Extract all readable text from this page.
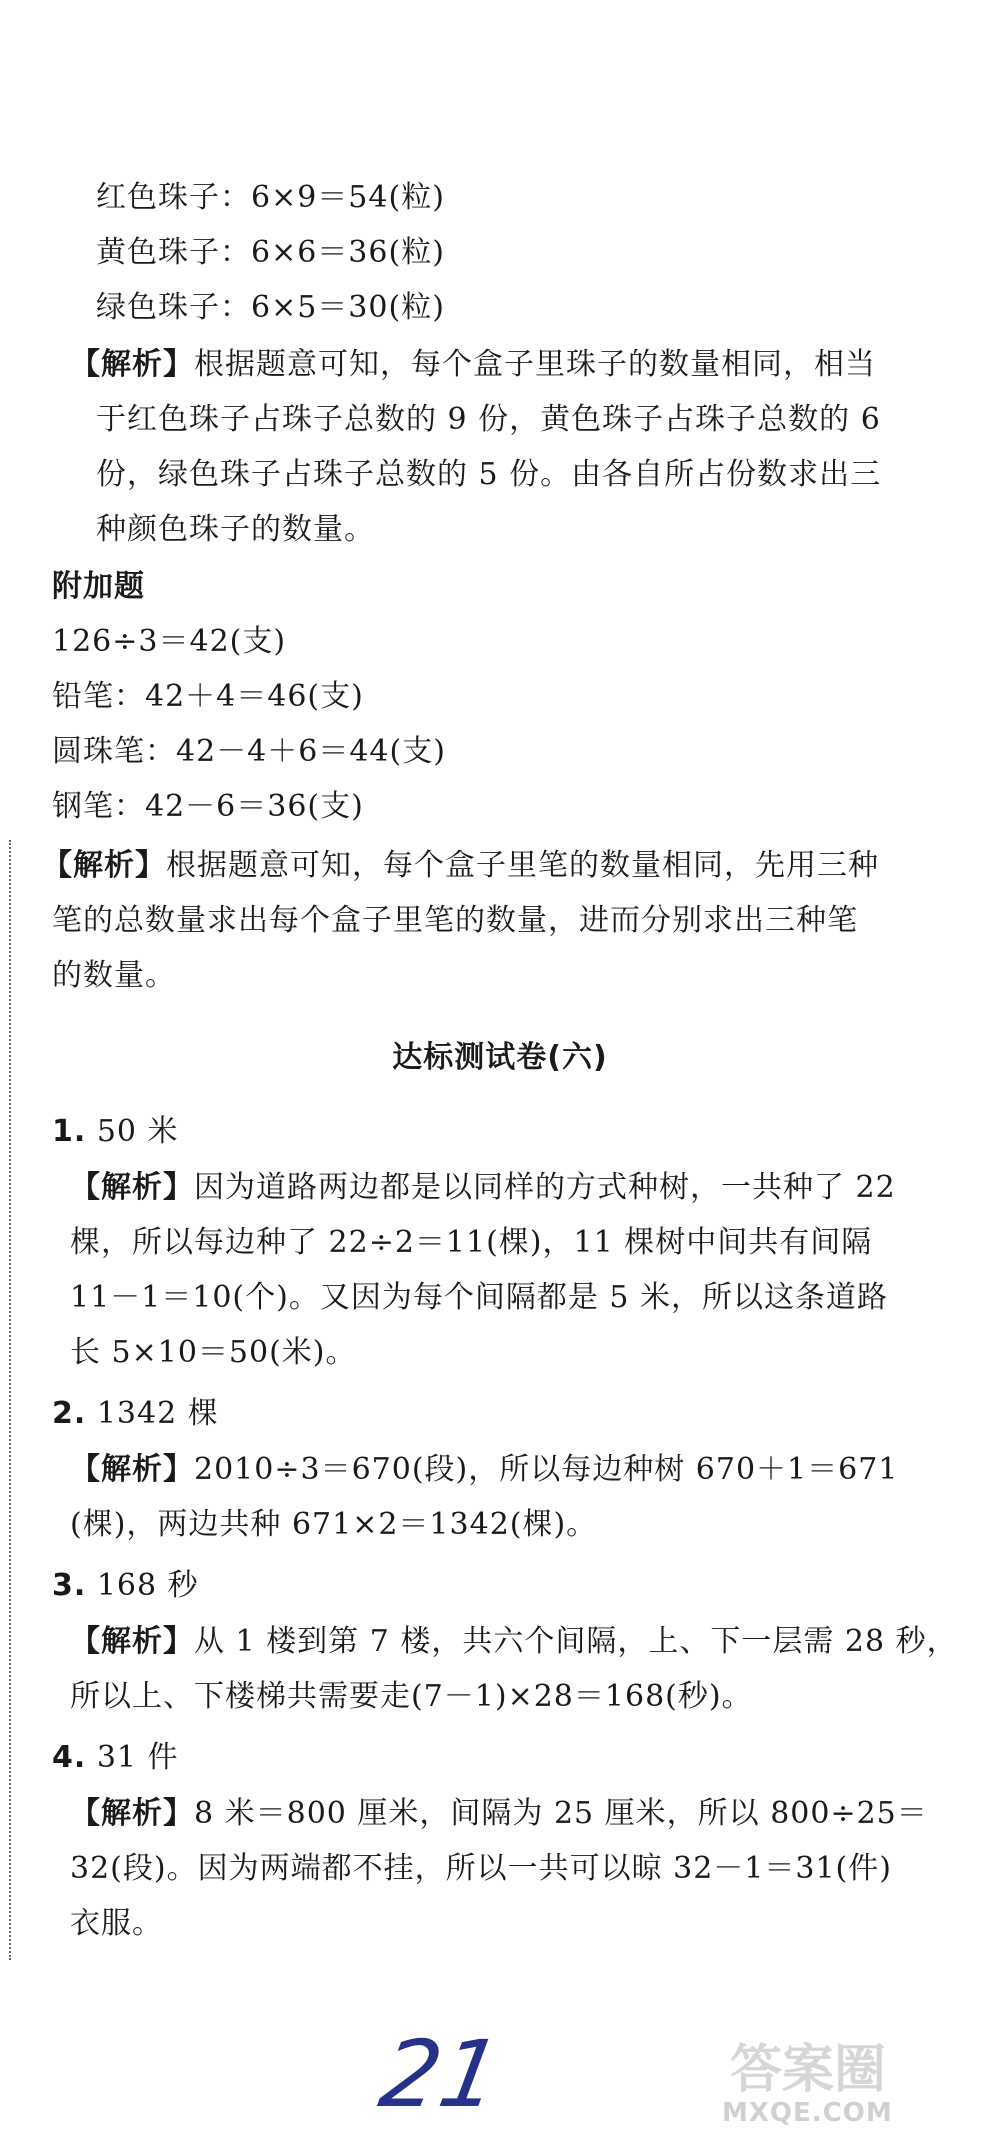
红色珠子：6×9＝54(粒)
黄色珠子：6×6＝36(粒)
绿色珠子：6×5＝30(粒)
【解析】根据题意可知，每个盒子里珠子的数量相同，相当
于红色珠子占珠子总数的 9 份，黄色珠子占珠子总数的 6
份，绿色珠子占珠子总数的 5 份。由各自所占份数求出三
种颜色珠子的数量。
附加题
126÷3＝42(支)
铅笔：42＋4＝46(支)
圆珠笔：42－4＋6＝44(支)
钢笔：42－6＝36(支)
【解析】根据题意可知，每个盒子里笔的数量相同，先用三种
笔的总数量求出每个盒子里笔的数量，进而分别求出三种笔
的数量。
达标测试卷(六)
1. 50 米
【解析】因为道路两边都是以同样的方式种树，一共种了 22
棵，所以每边种了 22÷2＝11(棵)，11 棵树中间共有间隔
11－1＝10(个)。又因为每个间隔都是 5 米，所以这条道路
长 5×10＝50(米)。
2. 1342 棵
【解析】2010÷3＝670(段)，所以每边种树 670＋1＝671
(棵)，两边共种 671×2＝1342(棵)。
3. 168 秒
【解析】从 1 楼到第 7 楼，共六个间隔，上、下一层需 28 秒，
所以上、下楼梯共需要走(7－1)×28＝168(秒)。
4. 31 件
【解析】8 米＝800 厘米，间隔为 25 厘米，所以 800÷25＝
32(段)。因为两端都不挂，所以一共可以晾 32－1＝31(件)
衣服。
21	答案圈
MXQE.COM
